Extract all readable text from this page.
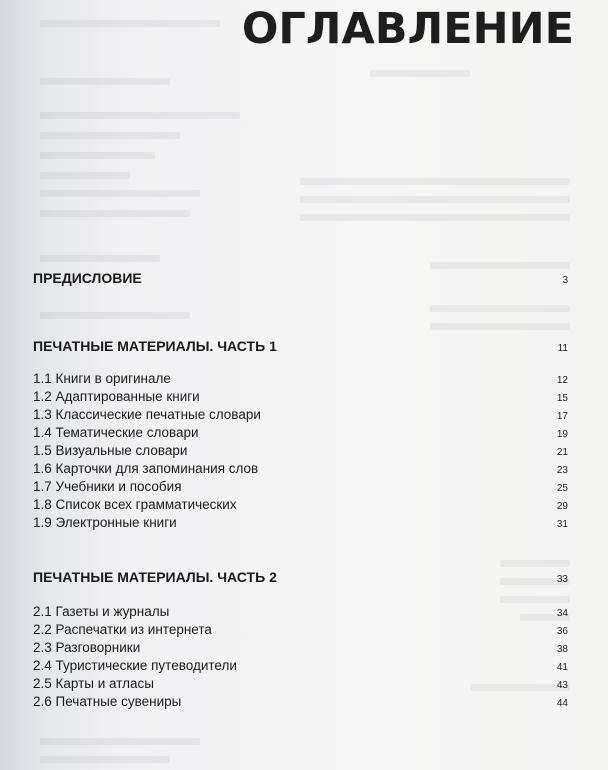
ОГЛАВЛЕНИЕ
ПРЕДИСЛОВИЕ	3
ПЕЧАТНЫЕ МАТЕРИАЛЫ. ЧАСТЬ 1	11
1.1 Книги в оригинале	12
1.2 Адаптированные книги	15
1.3 Классические печатные словари	17
1.4 Тематические словари	19
1.5 Визуальные словари	21
1.6 Карточки для запоминания слов	23
1.7 Учебники и пособия	25
1.8 Список всех грамматических	29
1.9 Электронные книги	31
ПЕЧАТНЫЕ МАТЕРИАЛЫ. ЧАСТЬ 2	33
2.1 Газеты и журналы	34
2.2 Распечатки из интернета	36
2.3 Разговорники	38
2.4 Туристические путеводители	41
2.5 Карты и атласы	43
2.6 Печатные сувениры	44
